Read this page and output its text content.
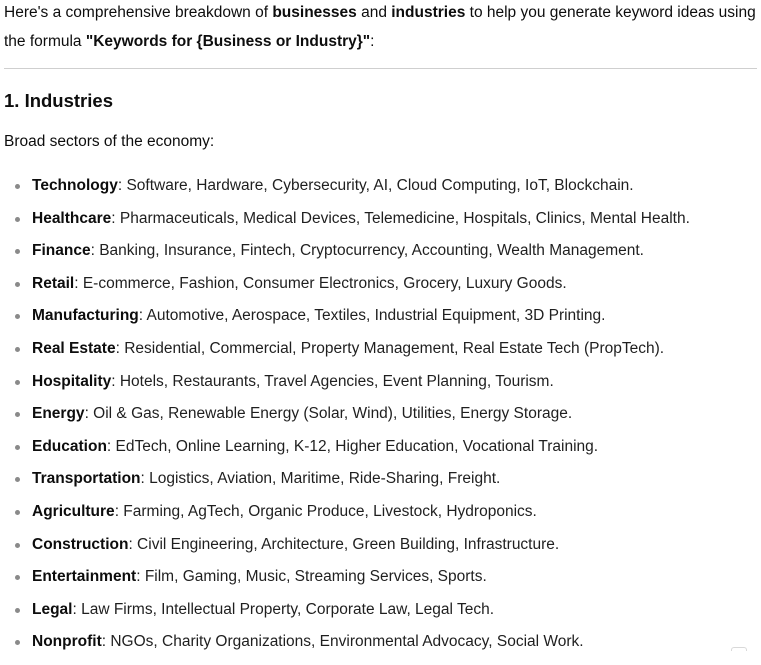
Here's a comprehensive breakdown of businesses and industries to help you generate keyword ideas using the formula "Keywords for {Business or Industry}":

1. Industries

Broad sectors of the economy:

Technology: Software, Hardware, Cybersecurity, AI, Cloud Computing, IoT, Blockchain.
Healthcare: Pharmaceuticals, Medical Devices, Telemedicine, Hospitals, Clinics, Mental Health.
Finance: Banking, Insurance, Fintech, Cryptocurrency, Accounting, Wealth Management.
Retail: E-commerce, Fashion, Consumer Electronics, Grocery, Luxury Goods.
Manufacturing: Automotive, Aerospace, Textiles, Industrial Equipment, 3D Printing.
Real Estate: Residential, Commercial, Property Management, Real Estate Tech (PropTech).
Hospitality: Hotels, Restaurants, Travel Agencies, Event Planning, Tourism.
Energy: Oil & Gas, Renewable Energy (Solar, Wind), Utilities, Energy Storage.
Education: EdTech, Online Learning, K-12, Higher Education, Vocational Training.
Transportation: Logistics, Aviation, Maritime, Ride-Sharing, Freight.
Agriculture: Farming, AgTech, Organic Produce, Livestock, Hydroponics.
Construction: Civil Engineering, Architecture, Green Building, Infrastructure.
Entertainment: Film, Gaming, Music, Streaming Services, Sports.
Legal: Law Firms, Intellectual Property, Corporate Law, Legal Tech.
Nonprofit: NGOs, Charity Organizations, Environmental Advocacy, Social Work.
